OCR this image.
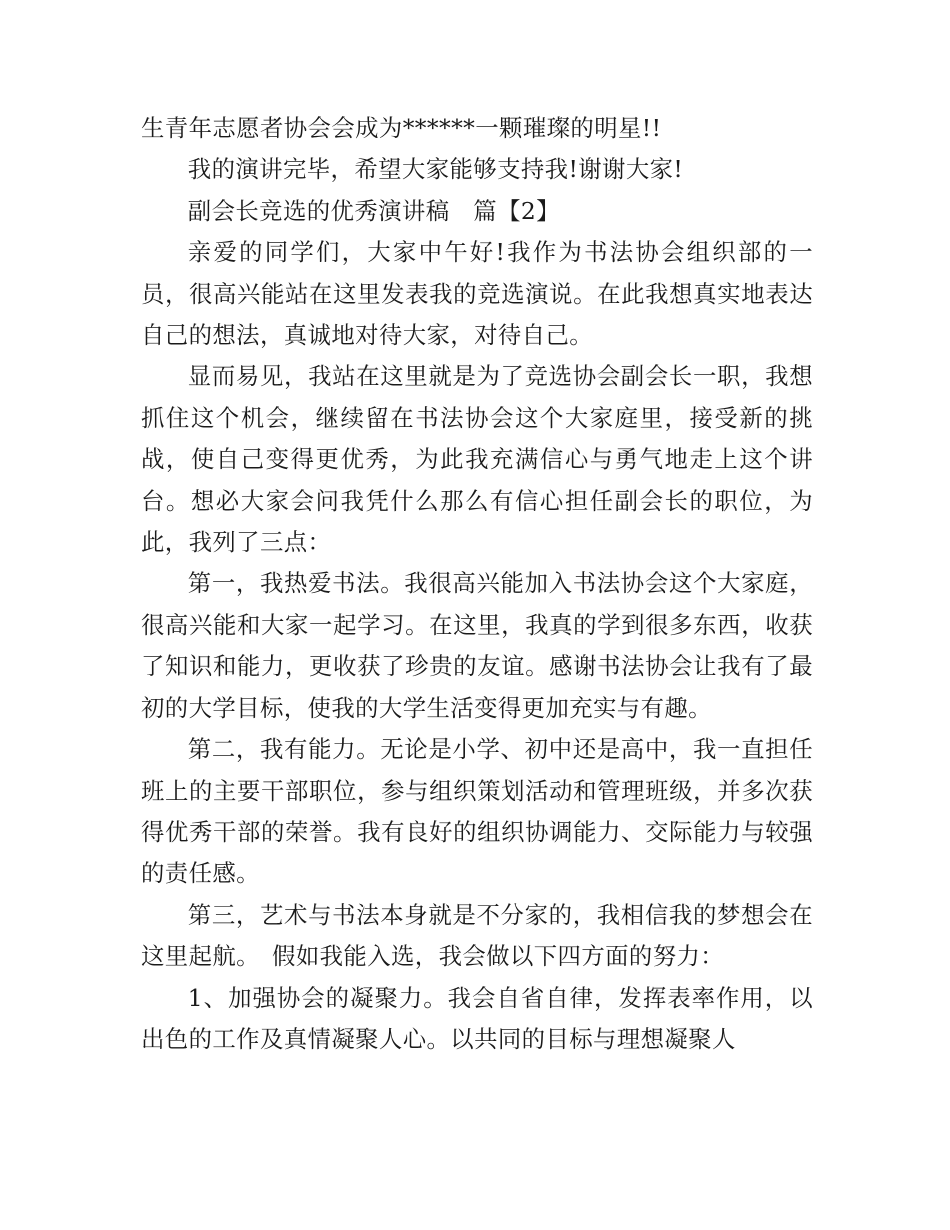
生青年志愿者协会会成为******一颗璀璨的明星!!

我的演讲完毕，希望大家能够支持我!谢谢大家!

副会长竞选的优秀演讲稿　篇【2】

亲爱的同学们，大家中午好!我作为书法协会组织部的一员，很高兴能站在这里发表我的竞选演说。在此我想真实地表达自己的想法，真诚地对待大家，对待自己。

显而易见，我站在这里就是为了竞选协会副会长一职，我想抓住这个机会，继续留在书法协会这个大家庭里，接受新的挑战，使自己变得更优秀，为此我充满信心与勇气地走上这个讲台。想必大家会问我凭什么那么有信心担任副会长的职位，为此，我列了三点：

第一，我热爱书法。我很高兴能加入书法协会这个大家庭，很高兴能和大家一起学习。在这里，我真的学到很多东西，收获了知识和能力，更收获了珍贵的友谊。感谢书法协会让我有了最初的大学目标，使我的大学生活变得更加充实与有趣。

第二，我有能力。无论是小学、初中还是高中，我一直担任班上的主要干部职位，参与组织策划活动和管理班级，并多次获得优秀干部的荣誉。我有良好的组织协调能力、交际能力与较强的责任感。

第三，艺术与书法本身就是不分家的，我相信我的梦想会在这里起航。　假如我能入选，我会做以下四方面的努力：

1、加强协会的凝聚力。我会自省自律，发挥表率作用，以出色的工作及真情凝聚人心。以共同的目标与理想凝聚人
